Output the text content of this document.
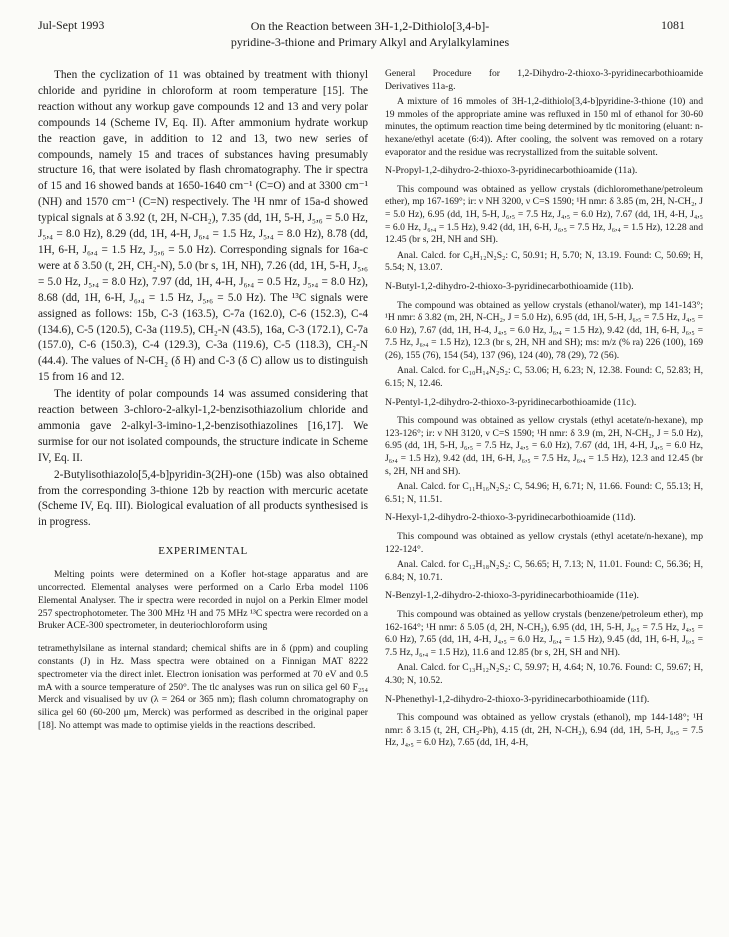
Jul-Sept 1993	On the Reaction between 3H-1,2-Dithiolo[3,4-b]-
pyridine-3-thione and Primary Alkyl and Arylalkylamines
1081

Then the cyclization of 11 was obtained by treatment with thionyl chloride and pyridine in chloroform at room temperature [15]. The reaction without any workup gave compounds 12 and 13 and very polar compounds 14 (Scheme IV, Eq. II). After ammonium hydrate workup the reaction gave, in addition to 12 and 13, two new series of compounds, namely 15 and traces of substances having presumably structure 16, that were isolated by flash chromatography. The ir spectra of 15 and 16 showed bands at 1650-1640 cm⁻¹ (C=O) and at 3300 cm⁻¹ (NH) and 1570 cm⁻¹ (C=N) respectively. The ¹H nmr of 15a-d showed typical signals at δ 3.92 (t, 2H, N-CH₂), 7.35 (dd, 1H, 5-H, J₅,₆ = 5.0 Hz, J₅,₄ = 8.0 Hz), 8.29 (dd, 1H, 4-H, J₆,₄ = 1.5 Hz, J₅,₄ = 8.0 Hz), 8.78 (dd, 1H, 6-H, J₆,₄ = 1.5 Hz, J₅,₆ = 5.0 Hz). Corresponding signals for 16a-c were at δ 3.50 (t, 2H, CH₂-N), 5.0 (br s, 1H, NH), 7.26 (dd, 1H, 5-H, J₅,₆ = 5.0 Hz, J₅,₄ = 8.0 Hz), 7.97 (dd, 1H, 4-H, J₆,₄ = 0.5 Hz, J₅,₄ = 8.0 Hz), 8.68 (dd, 1H, 6-H, J₆,₄ = 1.5 Hz, J₅,₆ = 5.0 Hz). The ¹³C signals were assigned as follows: 15b, C-3 (163.5), C-7a (162.0), C-6 (152.3), C-4 (134.6), C-5 (120.5), C-3a (119.5), CH₂-N (43.5), 16a, C-3 (172.1), C-7a (157.0), C-6 (150.3), C-4 (129.3), C-3a (119.6), C-5 (118.3), CH₂-N (44.4). The values of N-CH₂ (δ H) and C-3 (δ C) allow us to distinguish 15 from 16 and 12.

The identity of polar compounds 14 was assumed considering that reaction between 3-chloro-2-alkyl-1,2-benzisothiazolium chloride and ammonia gave 2-alkyl-3-imino-1,2-benzisothiazolines [16,17]. We surmise for our not isolated compounds, the structure indicate in Scheme IV, Eq. II.

2-Butylisothiazolo[5,4-b]pyridin-3(2H)-one (15b) was also obtained from the corresponding 3-thione 12b by reaction with mercuric acetate (Scheme IV, Eq. III). Biological evaluation of all products synthesised is in progress.

EXPERIMENTAL

Melting points were determined on a Kofler hot-stage apparatus and are uncorrected. Elemental analyses were performed on a Carlo Erba model 1106 Elemental Analyser. The ir spectra were recorded in nujol on a Perkin Elmer model 257 spectrophotometer. The 300 MHz ¹H and 75 MHz ¹³C spectra were recorded on a Bruker ACE-300 spectrometer, in deuteriochloroform using

tetramethylsilane as internal standard; chemical shifts are in δ (ppm) and coupling constants (J) in Hz. Mass spectra were obtained on a Finnigan MAT 8222 spectrometer via the direct inlet. Electron ionisation was performed at 70 eV and 0.5 mA with a source temperature of 250°. The tlc analyses was run on silica gel 60 F₂₅₄ Merck and visualised by uv (λ = 264 or 365 nm); flash column chromatography on silica gel 60 (60-200 μm, Merck) was performed as described in the original paper [18]. No attempt was made to optimise yields in the reactions described.

General Procedure for 1,2-Dihydro-2-thioxo-3-pyridinecarbothioamide Derivatives 11a-g.

A mixture of 16 mmoles of 3H-1,2-dithiolo[3,4-b]pyridine-3-thione (10) and 19 mmoles of the appropriate amine was refluxed in 150 ml of ethanol for 30-60 minutes, the optimum reaction time being determined by tlc monitoring (eluant: n-hexane/ethyl acetate (6:4)). After cooling, the solvent was removed on a rotary evaporator and the residue was recrystallized from the suitable solvent.

N-Propyl-1,2-dihydro-2-thioxo-3-pyridinecarbothioamide (11a).

This compound was obtained as yellow crystals (dichloromethane/petroleum ether), mp 167-169°; ir: ν NH 3200, ν C=S 1590; ¹H nmr: δ 3.85 (m, 2H, N-CH₂, J = 5.0 Hz), 6.95 (dd, 1H, 5-H, J₆,₅ = 7.5 Hz, J₄,₅ = 6.0 Hz), 7.67 (dd, 1H, 4-H, J₄,₅ = 6.0 Hz, J₆,₄ = 1.5 Hz), 9.42 (dd, 1H, 6-H, J₆,₅ = 7.5 Hz, J₆,₄ = 1.5 Hz), 12.28 and 12.45 (br s, 2H, NH and SH).

Anal. Calcd. for C₉H₁₂N₂S₂: C, 50.91; H, 5.70; N, 13.19. Found: C, 50.69; H, 5.54; N, 13.07.

N-Butyl-1,2-dihydro-2-thioxo-3-pyridinecarbothioamide (11b).

The compound was obtained as yellow crystals (ethanol/water), mp 141-143°; ¹H nmr: δ 3.82 (m, 2H, N-CH₂, J = 5.0 Hz), 6.95 (dd, 1H, 5-H, J₆,₅ = 7.5 Hz, J₄,₅ = 6.0 Hz), 7.67 (dd, 1H, H-4, J₄,₅ = 6.0 Hz, J₆,₄ = 1.5 Hz), 9.42 (dd, 1H, 6-H, J₆,₅ = 7.5 Hz, J₆,₄ = 1.5 Hz), 12.3 (br s, 2H, NH and SH); ms: m/z (% ra) 226 (100), 169 (26), 155 (76), 154 (54), 137 (96), 124 (40), 78 (29), 72 (56).

Anal. Calcd. for C₁₀H₁₄N₂S₂: C, 53.06; H, 6.23; N, 12.38. Found: C, 52.83; H, 6.15; N, 12.46.

N-Pentyl-1,2-dihydro-2-thioxo-3-pyridinecarbothioamide (11c).

This compound was obtained as yellow crystals (ethyl acetate/n-hexane), mp 123-126°; ir: ν NH 3120, ν C=S 1590; ¹H nmr: δ 3.9 (m, 2H, N-CH₂, J = 5.0 Hz), 6.95 (dd, 1H, 5-H, J₆,₅ = 7.5 Hz, J₄,₅ = 6.0 Hz), 7.67 (dd, 1H, 4-H, J₄,₅ = 6.0 Hz, J₆,₄ = 1.5 Hz), 9.42 (dd, 1H, 6-H, J₆,₅ = 7.5 Hz, J₆,₄ = 1.5 Hz), 12.3 and 12.45 (br s, 2H, NH and SH).

Anal. Calcd. for C₁₁H₁₆N₂S₂: C, 54.96; H, 6.71; N, 11.66. Found: C, 55.13; H, 6.51; N, 11.51.

N-Hexyl-1,2-dihydro-2-thioxo-3-pyridinecarbothioamide (11d).

This compound was obtained as yellow crystals (ethyl acetate/n-hexane), mp 122-124°.

Anal. Calcd. for C₁₂H₁₈N₂S₂: C, 56.65; H, 7.13; N, 11.01. Found: C, 56.36; H, 6.84; N, 10.71.

N-Benzyl-1,2-dihydro-2-thioxo-3-pyridinecarbothioamide (11e).

This compound was obtained as yellow crystals (benzene/petroleum ether), mp 162-164°; ¹H nmr: δ 5.05 (d, 2H, N-CH₂), 6.95 (dd, 1H, 5-H, J₆,₅ = 7.5 Hz, J₄,₅ = 6.0 Hz), 7.65 (dd, 1H, 4-H, J₄,₅ = 6.0 Hz, J₆,₄ = 1.5 Hz), 9.45 (dd, 1H, 6-H, J₆,₅ = 7.5 Hz, J₆,₄ = 1.5 Hz), 11.6 and 12.85 (br s, 2H, SH and NH).

Anal. Calcd. for C₁₃H₁₂N₂S₂: C, 59.97; H, 4.64; N, 10.76. Found: C, 59.67; H, 4.30; N, 10.52.

N-Phenethyl-1,2-dihydro-2-thioxo-3-pyridinecarbothioamide (11f).

This compound was obtained as yellow crystals (ethanol), mp 144-148°; ¹H nmr: δ 3.15 (t, 2H, CH₂-Ph), 4.15 (dt, 2H, N-CH₂), 6.94 (dd, 1H, 5-H, J₆,₅ = 7.5 Hz, J₄,₅ = 6.0 Hz), 7.65 (dd, 1H, 4-H,
